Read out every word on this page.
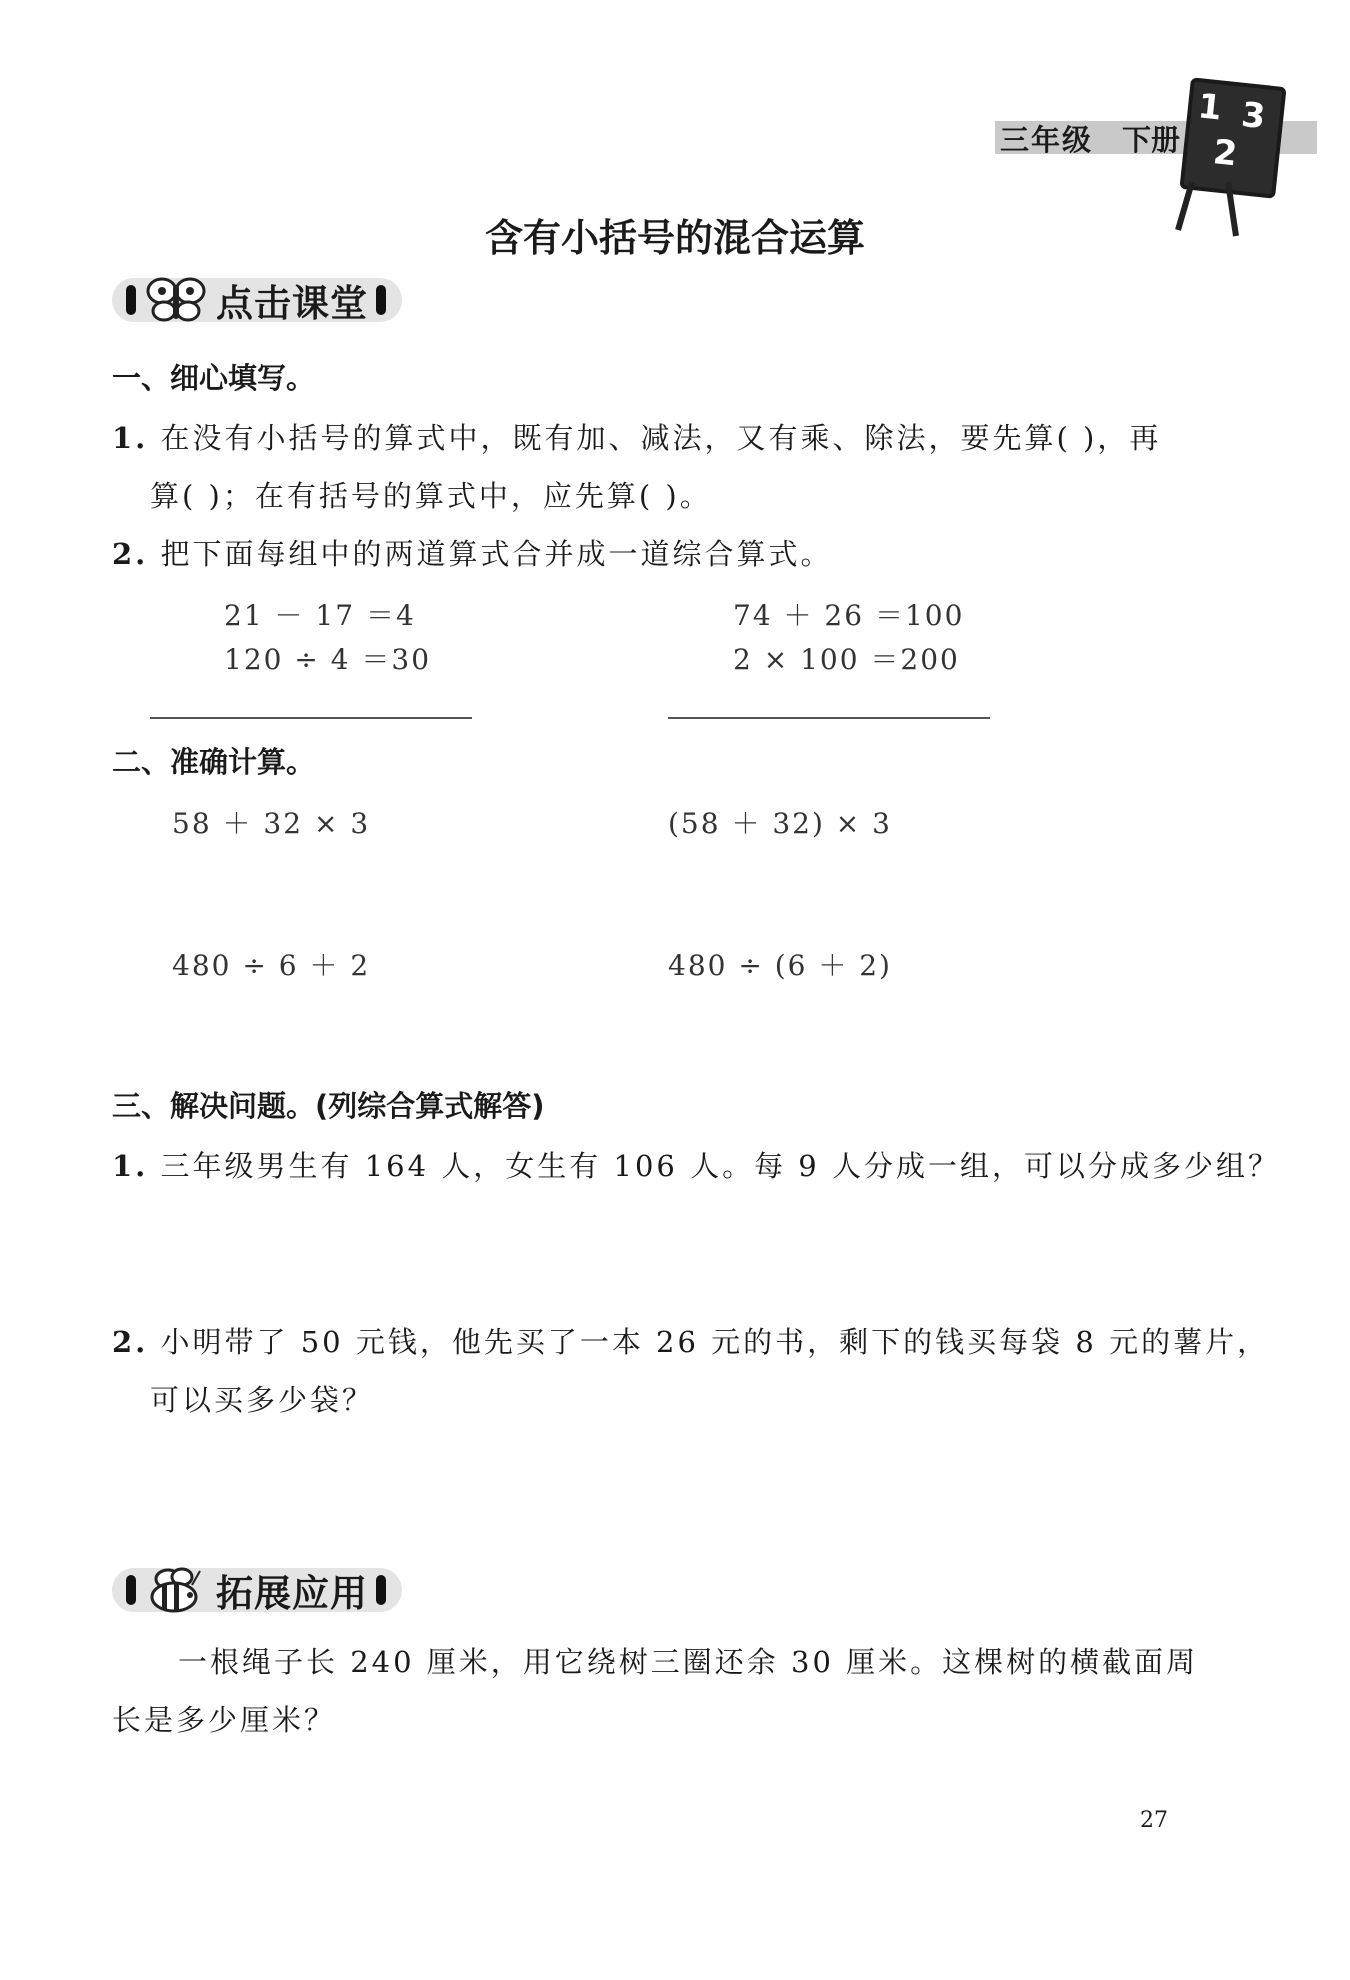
三年级 下册
1 3
2
含有小括号的混合运算
点击课堂
一、细心填写。
1. 在没有小括号的算式中，既有加、减法，又有乘、除法，要先算( )，再
算( )；在有括号的算式中，应先算( )。
2. 把下面每组中的两道算式合并成一道综合算式。
21 － 17 ＝4
120 ÷ 4 ＝30
74 ＋ 26 ＝100
2 × 100 ＝200
二、准确计算。
58 ＋ 32 × 3	(58 ＋ 32) × 3
480 ÷ 6 ＋ 2	480 ÷ (6 ＋ 2)
三、解决问题。(列综合算式解答)
1. 三年级男生有 164 人，女生有 106 人。每 9 人分成一组，可以分成多少组？
2. 小明带了 50 元钱，他先买了一本 26 元的书，剩下的钱买每袋 8 元的薯片，
可以买多少袋？
拓展应用
一根绳子长 240 厘米，用它绕树三圈还余 30 厘米。这棵树的横截面周
长是多少厘米？
27
